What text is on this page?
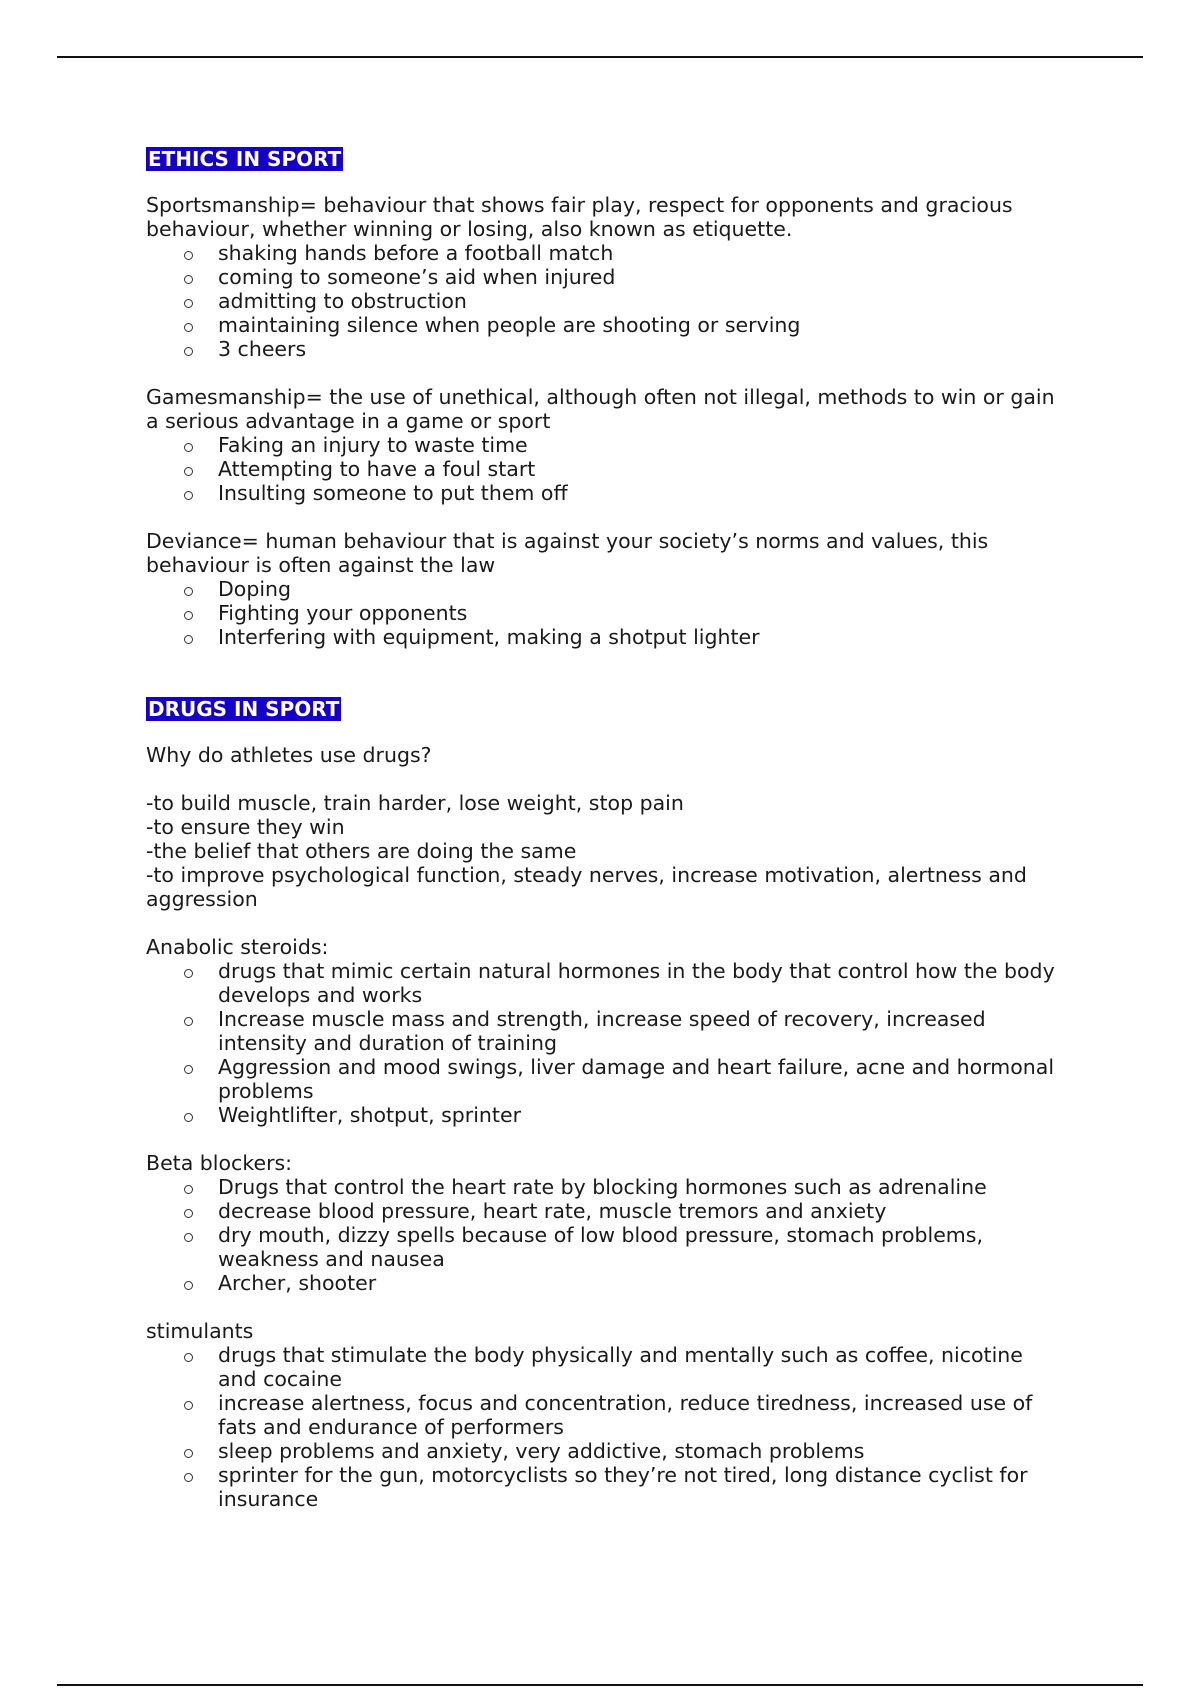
ETHICS IN SPORT

Sportsmanship= behaviour that shows fair play, respect for opponents and gracious behaviour, whether winning or losing, also known as etiquette.

shaking hands before a football match
coming to someone’s aid when injured
admitting to obstruction
maintaining silence when people are shooting or serving
3 cheers

Gamesmanship= the use of unethical, although often not illegal, methods to win or gain a serious advantage in a game or sport

Faking an injury to waste time
Attempting to have a foul start
Insulting someone to put them off

Deviance= human behaviour that is against your society’s norms and values, this behaviour is often against the law

Doping
Fighting your opponents
Interfering with equipment, making a shotput lighter
DRUGS IN SPORT

Why do athletes use drugs?

-to build muscle, train harder, lose weight, stop pain

-to ensure they win

-the belief that others are doing the same

-to improve psychological function, steady nerves, increase motivation, alertness and aggression

Anabolic steroids:

drugs that mimic certain natural hormones in the body that control how the body develops and works
Increase muscle mass and strength, increase speed of recovery, increased intensity and duration of training
Aggression and mood swings, liver damage and heart failure, acne and hormonal problems
Weightlifter, shotput, sprinter

Beta blockers:

Drugs that control the heart rate by blocking hormones such as adrenaline
decrease blood pressure, heart rate, muscle tremors and anxiety
dry mouth, dizzy spells because of low blood pressure, stomach problems, weakness and nausea
Archer, shooter

stimulants

drugs that stimulate the body physically and mentally such as coffee, nicotine and cocaine
increase alertness, focus and concentration, reduce tiredness, increased use of fats and endurance of performers
sleep problems and anxiety, very addictive, stomach problems
sprinter for the gun, motorcyclists so they’re not tired, long distance cyclist for insurance
